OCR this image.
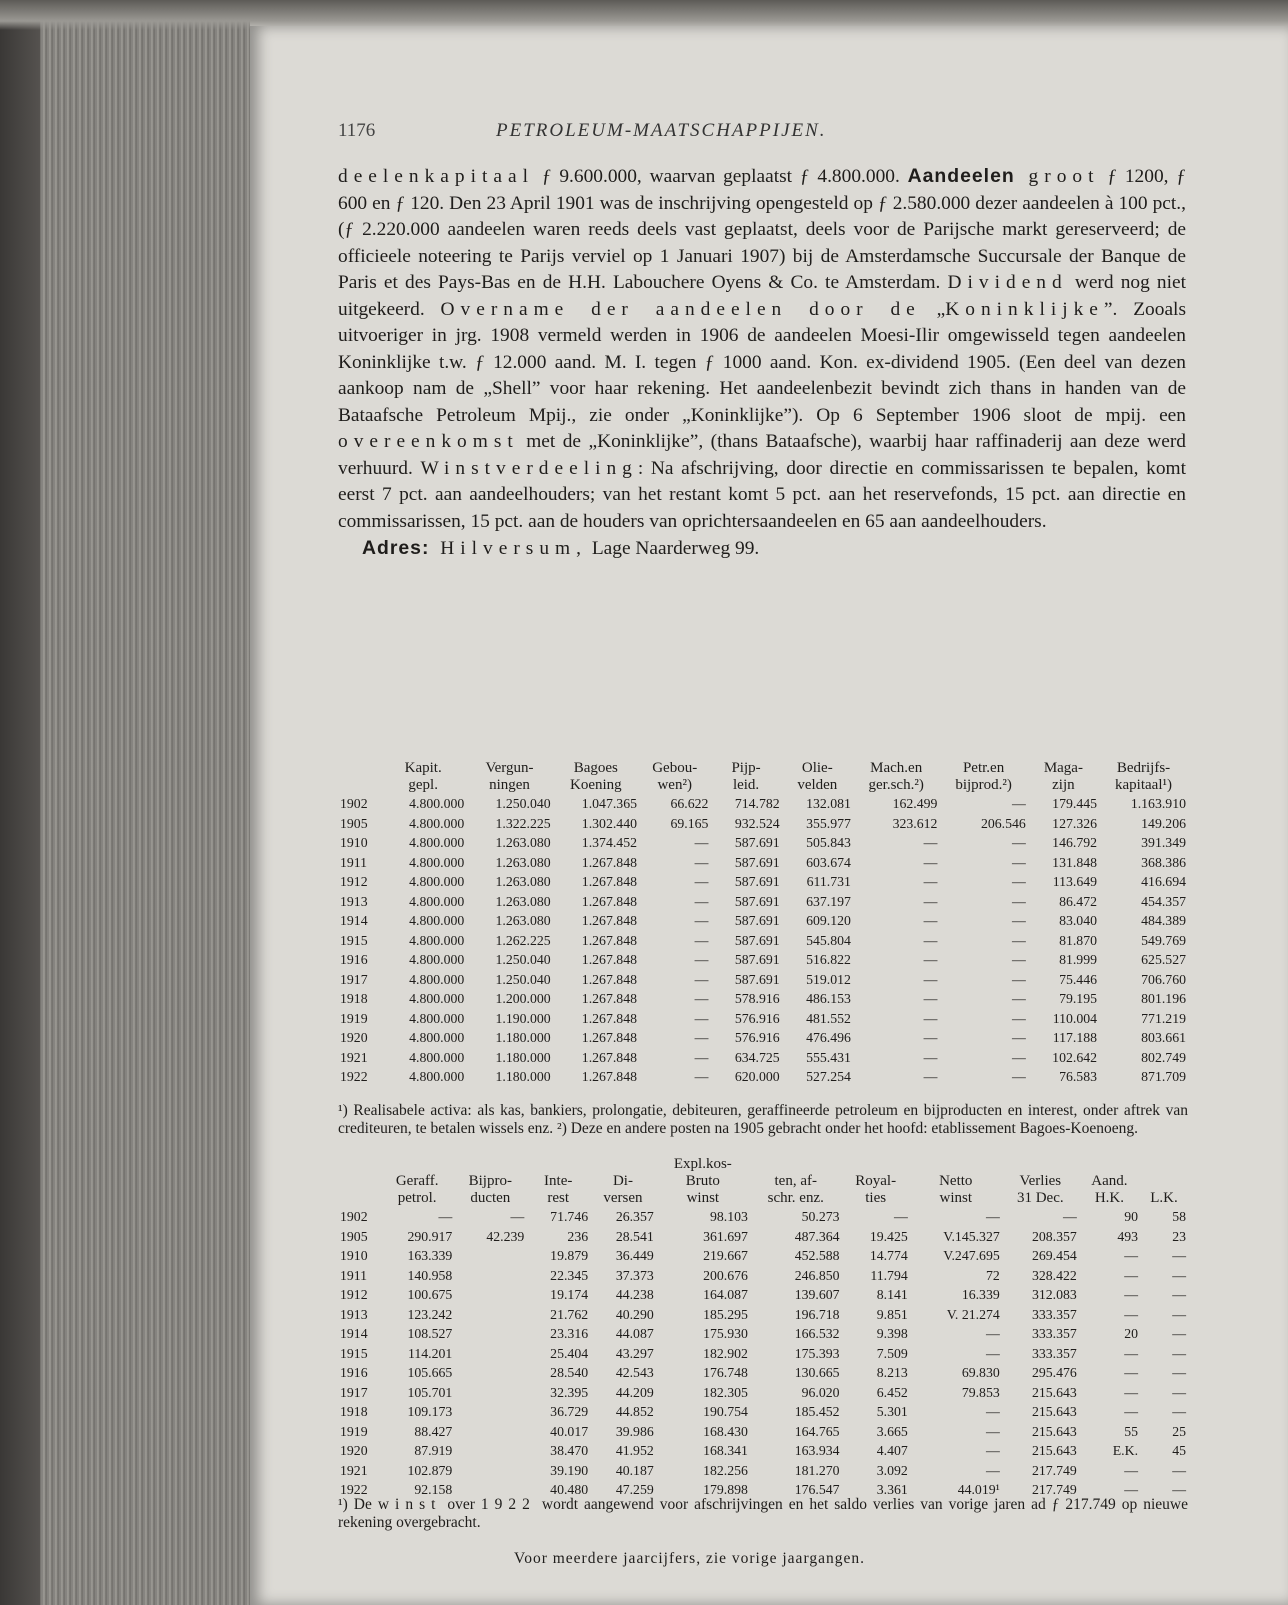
1176	PETROLEUM-MAATSCHAPPIJEN.

deelenkapitaal ƒ 9.600.000, waarvan geplaatst ƒ 4.800.000. Aandeelen groot ƒ 1200, ƒ 600 en ƒ 120. Den 23 April 1901 was de inschrijving opengesteld op ƒ 2.580.000 dezer aandeelen à 100 pct., (ƒ 2.220.000 aandeelen waren reeds deels vast geplaatst, deels voor de Parijsche markt gereserveerd; de officieele noteering te Parijs verviel op 1 Januari 1907) bij de Amsterdamsche Succursale der Banque de Paris et des Pays-Bas en de H.H. Labouchere Oyens & Co. te Amsterdam. Dividend werd nog niet uitgekeerd. Overname der aandeelen door de „Koninklijke”. Zooals uitvoeriger in jrg. 1908 vermeld werden in 1906 de aandeelen Moesi-Ilir omgewisseld tegen aandeelen Koninklijke t.w. ƒ 12.000 aand. M. I. tegen ƒ 1000 aand. Kon. ex-dividend 1905. (Een deel van dezen aankoop nam de „Shell” voor haar rekening. Het aandeelenbezit bevindt zich thans in handen van de Bataafsche Petroleum Mpij., zie onder „Koninklijke”). Op 6 September 1906 sloot de mpij. een overeenkomst met de „Koninklijke”, (thans Bataafsche), waarbij haar raffinaderij aan deze werd verhuurd. Winstverdeeling: Na afschrijving, door directie en commissarissen te bepalen, komt eerst 7 pct. aan aandeelhouders; van het restant komt 5 pct. aan het reservefonds, 15 pct. aan directie en commissarissen, 15 pct. aan de houders van oprichtersaandeelen en 65 aan aandeelhouders.

Adres: Hilversum, Lage Naarderweg 99.

	Kapit.	Vergun-	Bagoes	Gebou-	Pijp-	Olie-	Mach.en	Petr.en	Maga-	Bedrijfs-
	gepl.	ningen	Koening	wen²)	leid.	velden	ger.sch.²)	bijprod.²)	zijn	kapitaal¹)
1902	4.800.000	1.250.040	1.047.365	66.622	714.782	132.081	162.499	—	179.445	1.163.910
1905	4.800.000	1.322.225	1.302.440	69.165	932.524	355.977	323.612	206.546	127.326	149.206
1910	4.800.000	1.263.080	1.374.452	—	587.691	505.843	—	—	146.792	391.349
1911	4.800.000	1.263.080	1.267.848	—	587.691	603.674	—	—	131.848	368.386
1912	4.800.000	1.263.080	1.267.848	—	587.691	611.731	—	—	113.649	416.694
1913	4.800.000	1.263.080	1.267.848	—	587.691	637.197	—	—	86.472	454.357
1914	4.800.000	1.263.080	1.267.848	—	587.691	609.120	—	—	83.040	484.389
1915	4.800.000	1.262.225	1.267.848	—	587.691	545.804	—	—	81.870	549.769
1916	4.800.000	1.250.040	1.267.848	—	587.691	516.822	—	—	81.999	625.527
1917	4.800.000	1.250.040	1.267.848	—	587.691	519.012	—	—	75.446	706.760
1918	4.800.000	1.200.000	1.267.848	—	578.916	486.153	—	—	79.195	801.196
1919	4.800.000	1.190.000	1.267.848	—	576.916	481.552	—	—	110.004	771.219
1920	4.800.000	1.180.000	1.267.848	—	576.916	476.496	—	—	117.188	803.661
1921	4.800.000	1.180.000	1.267.848	—	634.725	555.431	—	—	102.642	802.749
1922	4.800.000	1.180.000	1.267.848	—	620.000	527.254	—	—	76.583	871.709
¹) Realisabele activa: als kas, bankiers, prolongatie, debiteuren, geraffineerde petroleum en bijproducten en interest, onder aftrek van crediteuren, te betalen wissels enz. ²) Deze en andere posten na 1905 gebracht onder het hoofd: etablissement Bagoes-Koenoeng.
					Expl.kos-						
	Geraff.	Bijpro-	Inte-	Di-	Bruto	ten, af-	Royal-	Netto	Verlies	Aand.	
	petrol.	ducten	rest	versen	winst	schr. enz.	ties	winst	31 Dec.	H.K.	L.K.
1902	—	—	71.746	26.357	98.103	50.273	—	—	—	90	58
1905	290.917	42.239	236	28.541	361.697	487.364	19.425	V.145.327	208.357	493	23
1910	163.339		19.879	36.449	219.667	452.588	14.774	V.247.695	269.454	—	—
1911	140.958		22.345	37.373	200.676	246.850	11.794	72	328.422	—	—
1912	100.675		19.174	44.238	164.087	139.607	8.141	16.339	312.083	—	—
1913	123.242		21.762	40.290	185.295	196.718	9.851	V. 21.274	333.357	—	—
1914	108.527		23.316	44.087	175.930	166.532	9.398	—	333.357	20	—
1915	114.201		25.404	43.297	182.902	175.393	7.509	—	333.357	—	—
1916	105.665		28.540	42.543	176.748	130.665	8.213	69.830	295.476	—	—
1917	105.701		32.395	44.209	182.305	96.020	6.452	79.853	215.643	—	—
1918	109.173		36.729	44.852	190.754	185.452	5.301	—	215.643	—	—
1919	88.427		40.017	39.986	168.430	164.765	3.665	—	215.643	55	25
1920	87.919		38.470	41.952	168.341	163.934	4.407	—	215.643	E.K.	45
1921	102.879		39.190	40.187	182.256	181.270	3.092	—	217.749	—	—
1922	92.158		40.480	47.259	179.898	176.547	3.361	44.019¹	217.749	—	—
¹) De winst over 1922 wordt aangewend voor afschrijvingen en het saldo verlies van vorige jaren ad ƒ 217.749 op nieuwe rekening overgebracht.
Voor meerdere jaarcijfers, zie vorige jaargangen.
